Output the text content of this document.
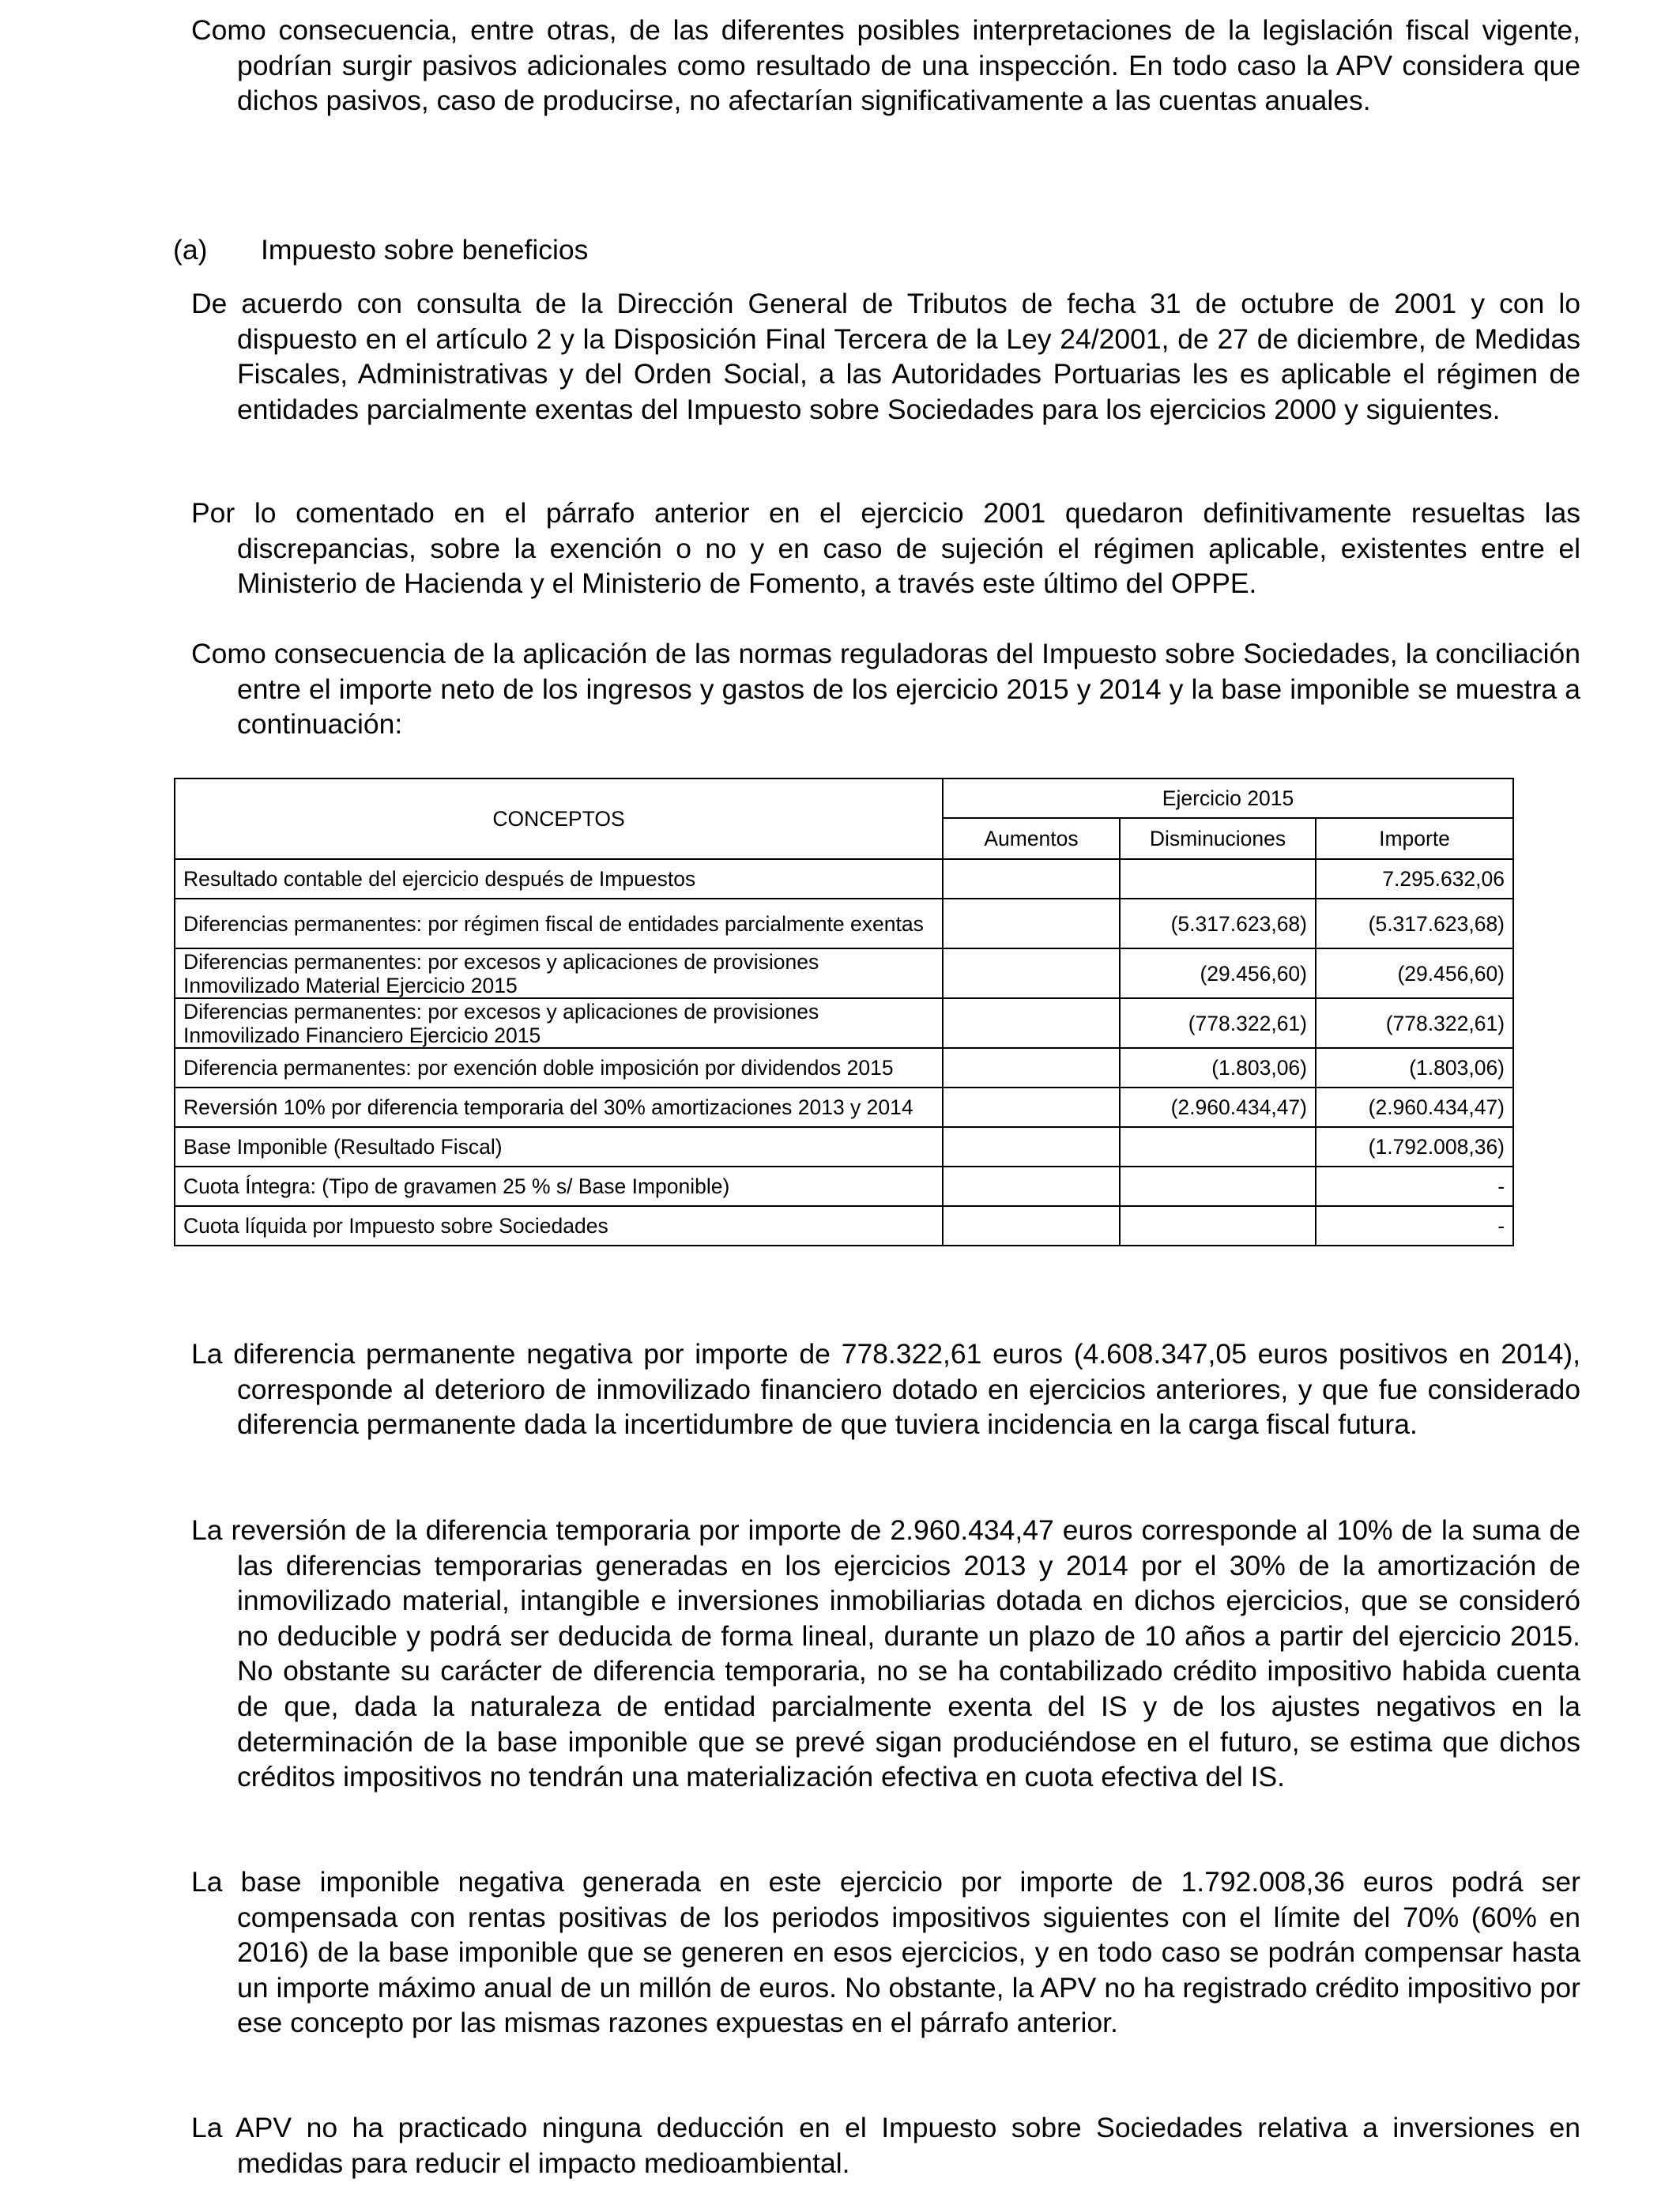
Como consecuencia, entre otras, de las diferentes posibles interpretaciones de la legislación fiscal vigente, podrían surgir pasivos adicionales como resultado de una inspección. En todo caso la APV considera que dichos pasivos, caso de producirse, no afectarían significativamente a las cuentas anuales.

(a) Impuesto sobre beneficios

De acuerdo con consulta de la Dirección General de Tributos de fecha 31 de octubre de 2001 y con lo dispuesto en el artículo 2 y la Disposición Final Tercera de la Ley 24/2001, de 27 de diciembre, de Medidas Fiscales, Administrativas y del Orden Social, a las Autoridades Portuarias les es aplicable el régimen de entidades parcialmente exentas del Impuesto sobre Sociedades para los ejercicios 2000 y siguientes.

Por lo comentado en el párrafo anterior en el ejercicio 2001 quedaron definitivamente resueltas las discrepancias, sobre la exención o no y en caso de sujeción el régimen aplicable, existentes entre el Ministerio de Hacienda y el Ministerio de Fomento, a través este último del OPPE.

Como consecuencia de la aplicación de las normas reguladoras del Impuesto sobre Sociedades, la conciliación entre el importe neto de los ingresos y gastos de los ejercicio 2015 y 2014 y la base imponible se muestra a continuación:

CONCEPTOS	Ejercicio 2015		
	Aumentos	Disminuciones	Importe
Resultado contable del ejercicio después de Impuestos			7.295.632,06
Diferencias permanentes: por régimen fiscal de entidades parcialmente exentas		(5.317.623,68)	(5.317.623,68)
Diferencias permanentes: por excesos y aplicaciones de provisiones Inmovilizado Material Ejercicio 2015		(29.456,60)	(29.456,60)
Diferencias permanentes: por excesos y aplicaciones de provisiones Inmovilizado Financiero Ejercicio 2015		(778.322,61)	(778.322,61)
Diferencia permanentes: por exención doble imposición por dividendos 2015		(1.803,06)	(1.803,06)
Reversión 10% por diferencia temporaria del 30% amortizaciones 2013 y 2014		(2.960.434,47)	(2.960.434,47)
Base Imponible (Resultado Fiscal)			(1.792.008,36)
Cuota Íntegra: (Tipo de gravamen 25 % s/ Base Imponible)			-
Cuota líquida por Impuesto sobre Sociedades			-

La diferencia permanente negativa por importe de 778.322,61 euros (4.608.347,05 euros positivos en 2014), corresponde al deterioro de inmovilizado financiero dotado en ejercicios anteriores, y que fue considerado diferencia permanente dada la incertidumbre de que tuviera incidencia en la carga fiscal futura.

La reversión de la diferencia temporaria por importe de 2.960.434,47 euros corresponde al 10% de la suma de las diferencias temporarias generadas en los ejercicios 2013 y 2014 por el 30% de la amortización de inmovilizado material, intangible e inversiones inmobiliarias dotada en dichos ejercicios, que se consideró no deducible y podrá ser deducida de forma lineal, durante un plazo de 10 años a partir del ejercicio 2015. No obstante su carácter de diferencia temporaria, no se ha contabilizado crédito impositivo habida cuenta de que, dada la naturaleza de entidad parcialmente exenta del IS y de los ajustes negativos en la determinación de la base imponible que se prevé sigan produciéndose en el futuro, se estima que dichos créditos impositivos no tendrán una materialización efectiva en cuota efectiva del IS.

La base imponible negativa generada en este ejercicio por importe de 1.792.008,36 euros podrá ser compensada con rentas positivas de los periodos impositivos siguientes con el límite del 70% (60% en 2016) de la base imponible que se generen en esos ejercicios, y en todo caso se podrán compensar hasta un importe máximo anual de un millón de euros. No obstante, la APV no ha registrado crédito impositivo por ese concepto por las mismas razones expuestas en el párrafo anterior.

La APV no ha practicado ninguna deducción en el Impuesto sobre Sociedades relativa a inversiones en medidas para reducir el impacto medioambiental.
